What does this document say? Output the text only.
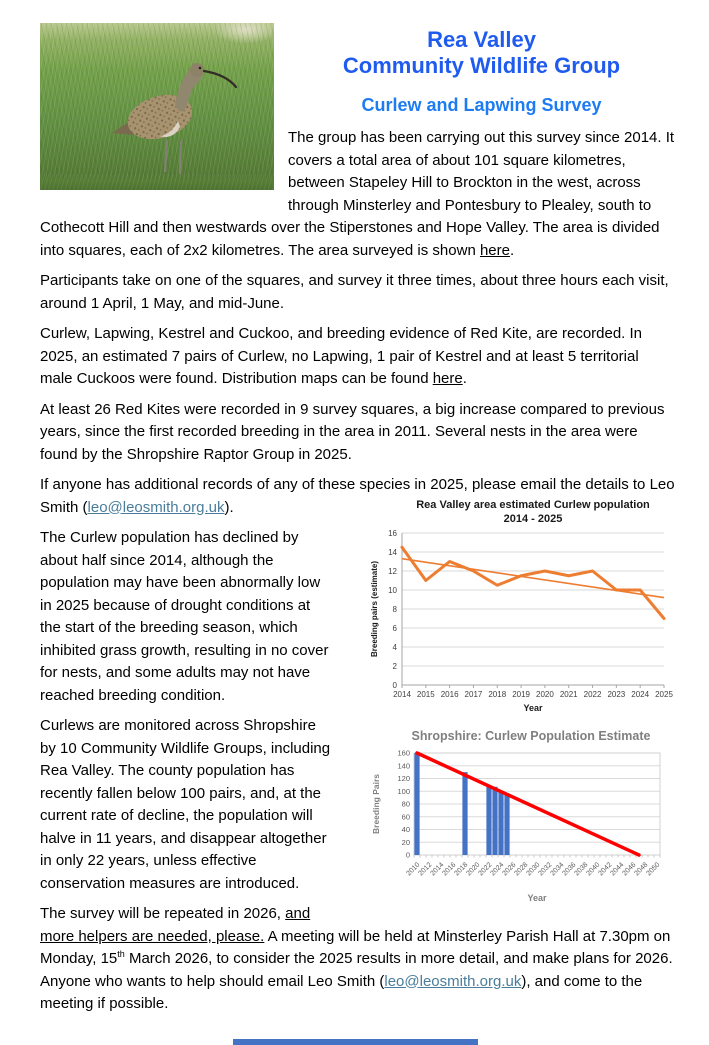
Rea Valley
Community Wildlife Group
Curlew and Lapwing Survey

The group has been carrying out this survey since 2014. It covers a total area of about 101 square kilometres, between Stapeley Hill to Brockton in the west, across through Minsterley and Pontesbury to Plealey, south to Cothecott Hill and then westwards over the Stiperstones and Hope Valley. The area is divided into squares, each of 2x2 kilometres. The area surveyed is shown here.

Participants take on one of the squares, and survey it three times, about three hours each visit, around 1 April, 1 May, and mid-June.

Curlew, Lapwing, Kestrel and Cuckoo, and breeding evidence of Red Kite, are recorded. In 2025, an estimated 7 pairs of Curlew, no Lapwing, 1 pair of Kestrel and at least 5 territorial male Cuckoos were found. Distribution maps can be found here.

At least 26 Red Kites were recorded in 9 survey squares, a big increase compared to previous years, since the first recorded breeding in the area in 2011. Several nests in the area were found by the Shropshire Raptor Group in 2025.

If anyone has additional records of any of these species in 2025, please email the
0
2
4
6
8
10
12
14
16
2014 2015 2016 2017 2018 2019 2020 2021 2022 2023 2024 2025
Rea Valley area estimated Curlew population
2014 - 2025
Breeding pairs (estimate)
Year
details to Leo Smith (leo@leosmith.org.uk).

The Curlew population has declined by about half since 2014, although the population may have been abnormally low in 2025 because of drought conditions at the start of the breeding season, which inhibited grass growth, resulting in no cover for nests, and some adults may not have reached breeding condition.

0
20
40
60
80
100
120
140
160
2010
2012
2014
2016
2018
2020
2022
2024
2026
2028
2030
2032
2034
2036
2038
2040
2042
2044
2046
2048
2050
Shropshire: Curlew Population Estimate
Breeding Pairs
Year
Curlews are monitored across Shropshire by 10 Community Wildlife Groups, including Rea Valley. The county population has recently fallen below 100 pairs, and, at the current rate of decline, the population will halve in 11 years, and disappear altogether in only 22 years, unless effective conservation measures are introduced.

The survey will be repeated in 2026, and more helpers are needed, please. A meeting will be held at Minsterley Parish Hall at 7.30pm on Monday, 15th March 2026, to consider the 2025 results in more detail, and make plans for 2026. Anyone who wants to help should email Leo Smith (leo@leosmith.org.uk), and come to the meeting if possible.
